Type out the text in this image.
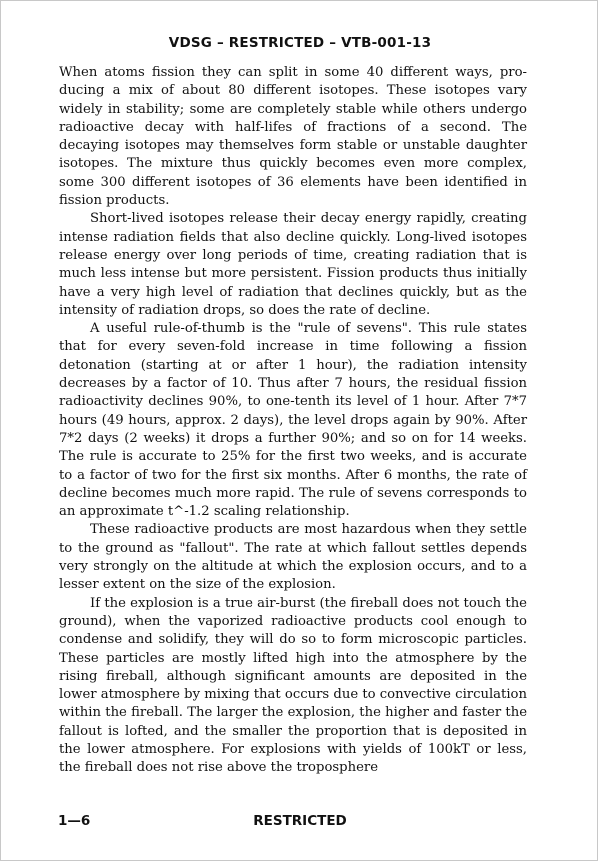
VDSG – RESTRICTED – VTB-001-13

When atoms fission they can split in some 40 different ways, producing a mix of about 80 different isotopes. These isotopes vary widely in stability; some are completely stable while others undergo radioactive decay with half-lifes of fractions of a second. The decaying isotopes may themselves form stable or unstable daughter isotopes. The mixture thus quickly becomes even more complex, some 300 different isotopes of 36 elements have been identified in fission products.

Short-lived isotopes release their decay energy rapidly, creating intense radiation fields that also decline quickly. Long-lived isotopes release energy over long periods of time, creating radiation that is much less intense but more persistent. Fission products thus initially have a very high level of radiation that declines quickly, but as the intensity of radiation drops, so does the rate of decline.

A useful rule-of-thumb is the "rule of sevens". This rule states that for every seven-fold increase in time following a fission detonation (starting at or after 1 hour), the radiation intensity decreases by a factor of 10. Thus after 7 hours, the residual fission radioactivity declines 90%, to one-tenth its level of 1 hour. After 7*7 hours (49 hours, approx. 2 days), the level drops again by 90%. After 7*2 days (2 weeks) it drops a further 90%; and so on for 14 weeks. The rule is accurate to 25% for the first two weeks, and is accurate to a factor of two for the first six months. After 6 months, the rate of decline becomes much more rapid. The rule of sevens corresponds to an approximate t^-1.2 scaling relationship.

These radioactive products are most hazardous when they settle to the ground as "fallout". The rate at which fallout settles depends very strongly on the altitude at which the explosion occurs, and to a lesser extent on the size of the explosion.

If the explosion is a true air-burst (the fireball does not touch the ground), when the vaporized radioactive products cool enough to condense and solidify, they will do so to form microscopic particles. These particles are mostly lifted high into the atmosphere by the rising fireball, although significant amounts are deposited in the lower atmosphere by mixing that occurs due to convective circulation within the fireball. The larger the explosion, the higher and faster the fallout is lofted, and the smaller the proportion that is deposited in the lower atmosphere. For explosions with yields of 100kT or less, the fireball does not rise above the troposphere

1—6	RESTRICTED
